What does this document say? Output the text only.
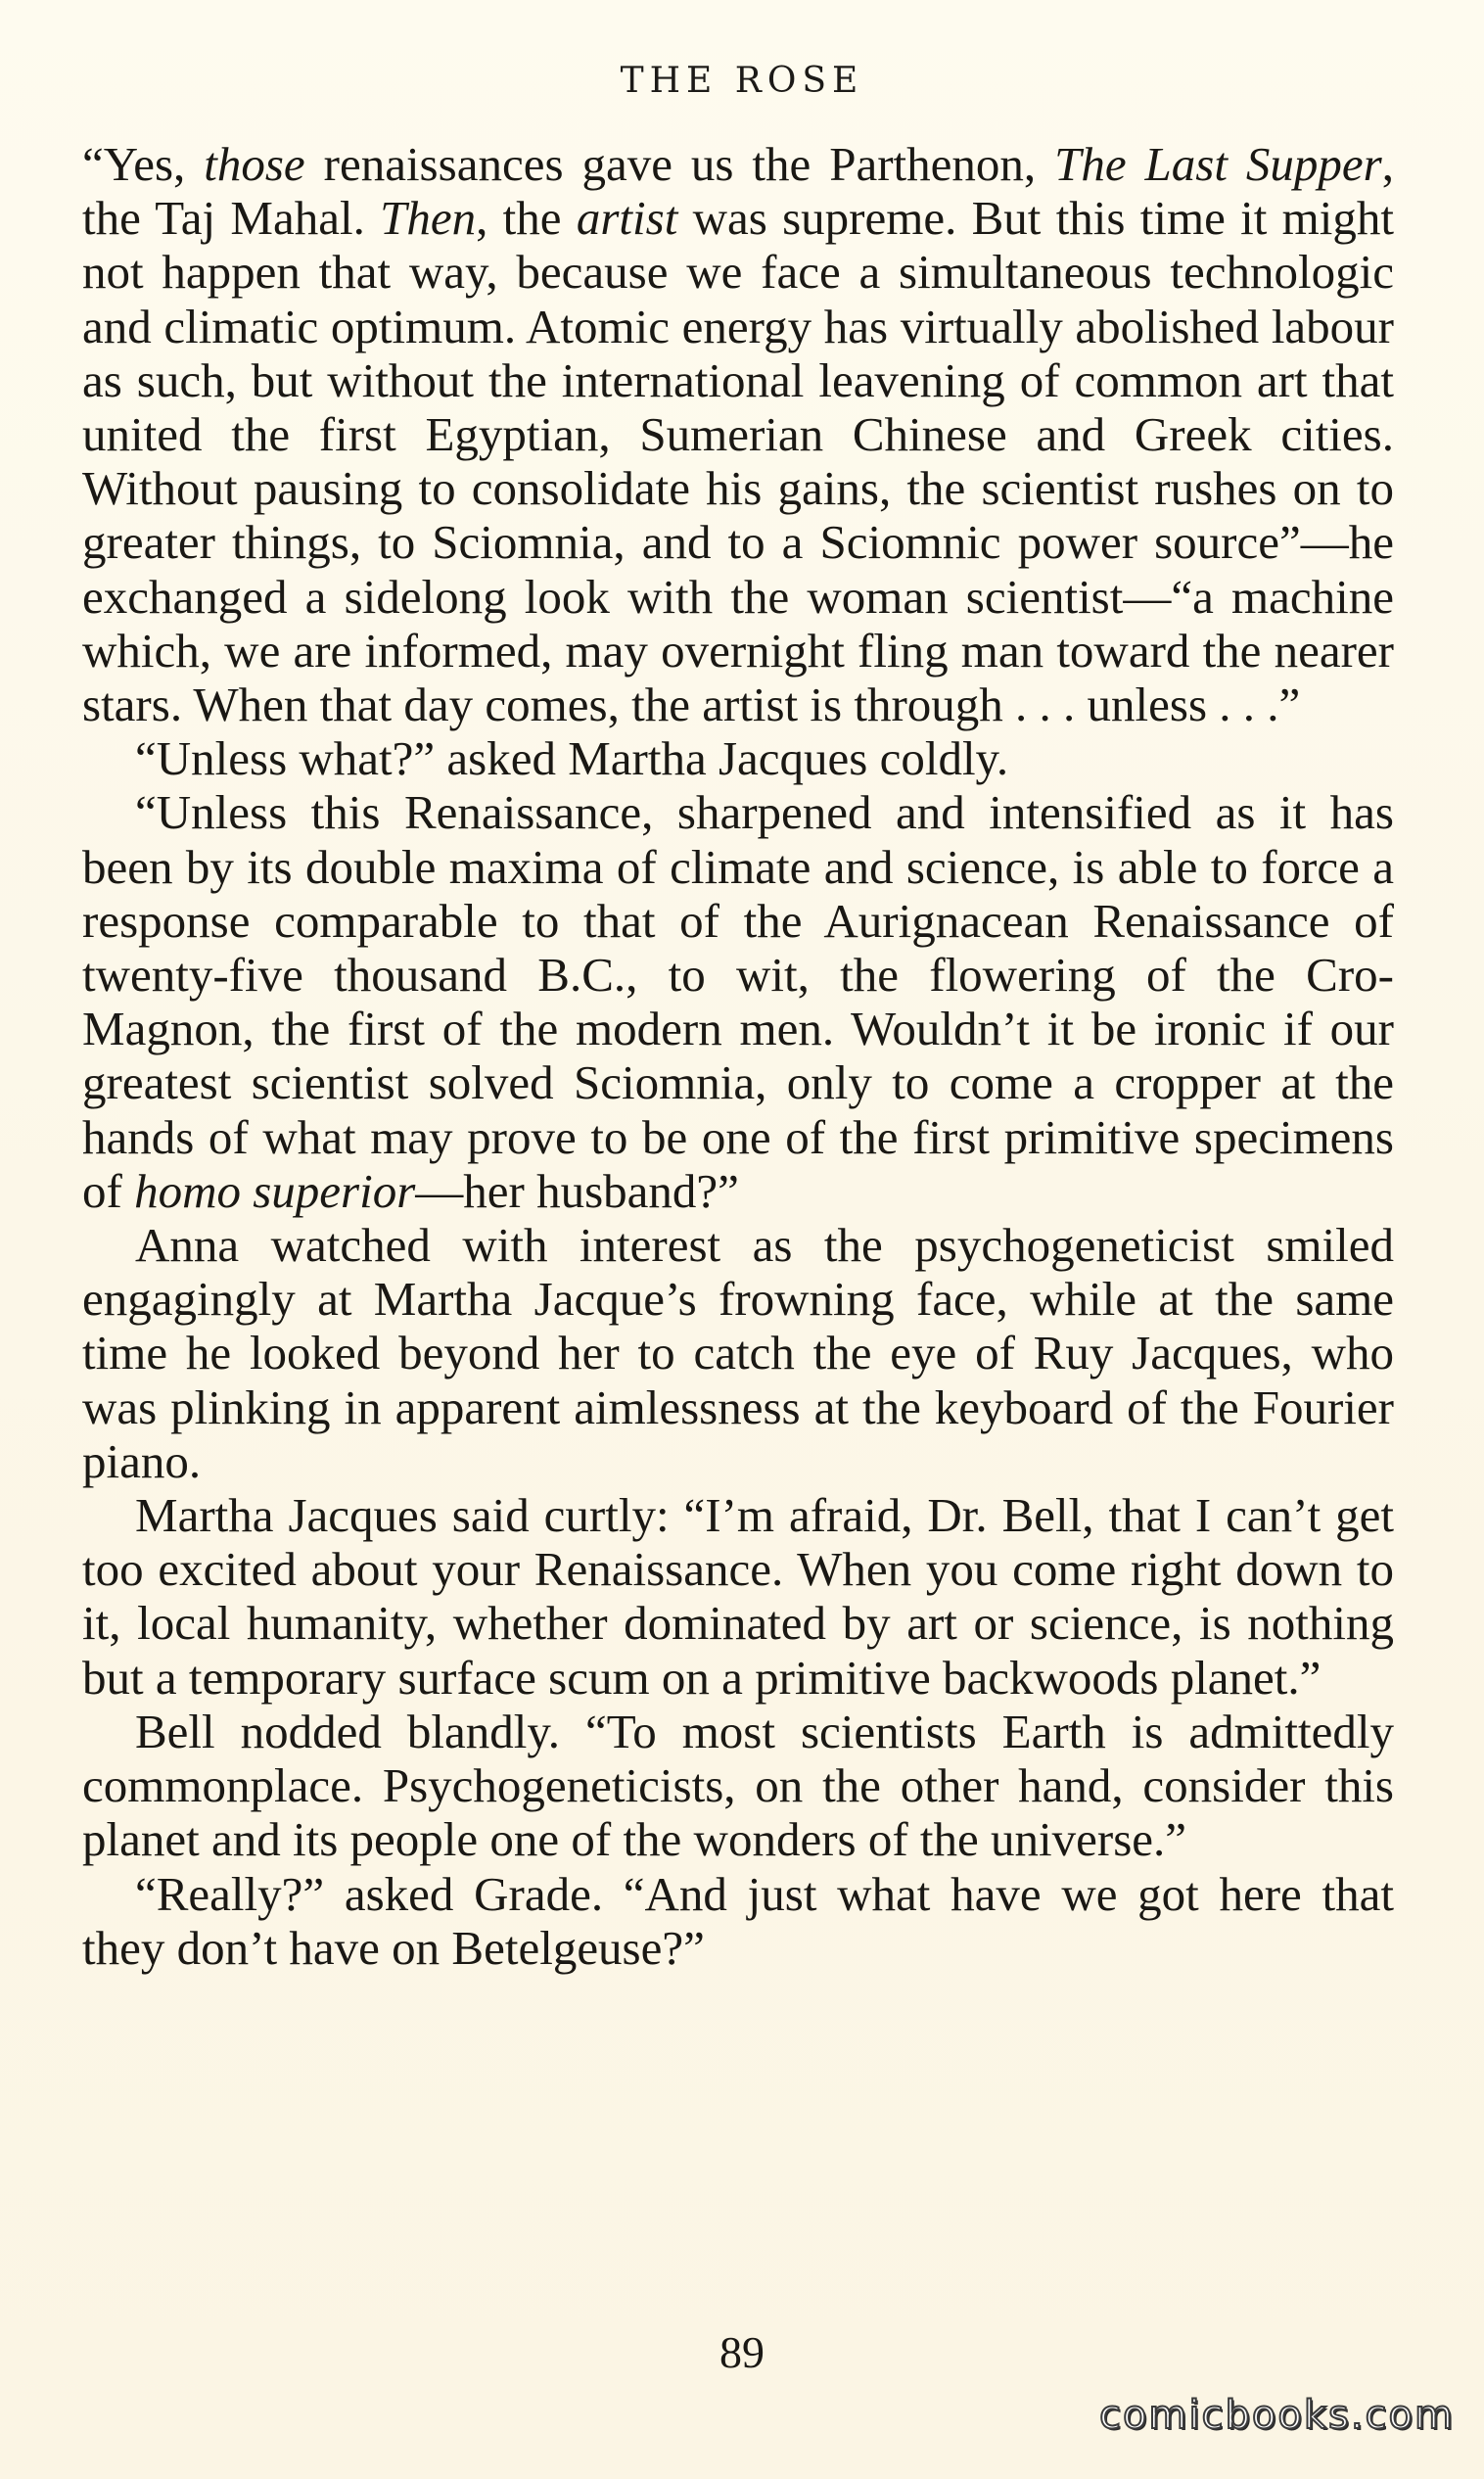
THE ROSE

“Yes, those renaissances gave us the Parthenon, The Last Supper, the Taj Mahal. Then, the artist was supreme. But this time it might not happen that way, because we face a simultaneous technologic and climatic optimum. Atomic energy has virtually abolished labour as such, but without the international leavening of common art that united the first Egyptian, Sumerian Chinese and Greek cities. Without pausing to consolidate his gains, the scientist rushes on to greater things, to Sciomnia, and to a Sciomnic power source”—he exchanged a sidelong look with the woman scientist—“a machine which, we are informed, may overnight fling man toward the nearer stars. When that day comes, the artist is through . . . unless . . .”

“Unless what?” asked Martha Jacques coldly.

“Unless this Renaissance, sharpened and intensified as it has been by its double maxima of climate and science, is able to force a response comparable to that of the Aurignacean Renaissance of twenty-five thousand B.C., to wit, the flowering of the Cro-Magnon, the first of the modern men. Wouldn’t it be ironic if our greatest scientist solved Sciomnia, only to come a cropper at the hands of what may prove to be one of the first primitive specimens of homo superior—her husband?”

Anna watched with interest as the psychogeneticist smiled engagingly at Martha Jacque’s frowning face, while at the same time he looked beyond her to catch the eye of Ruy Jacques, who was plinking in apparent aimlessness at the keyboard of the Fourier piano.

Martha Jacques said curtly: “I’m afraid, Dr. Bell, that I can’t get too excited about your Renaissance. When you come right down to it, local humanity, whether dominated by art or science, is nothing but a temporary surface scum on a primitive backwoods planet.”

Bell nodded blandly. “To most scientists Earth is admittedly commonplace. Psychogeneticists, on the other hand, consider this planet and its people one of the wonders of the universe.”

“Really?” asked Grade. “And just what have we got here that they don’t have on Betelgeuse?”

89
comicbooks.com
